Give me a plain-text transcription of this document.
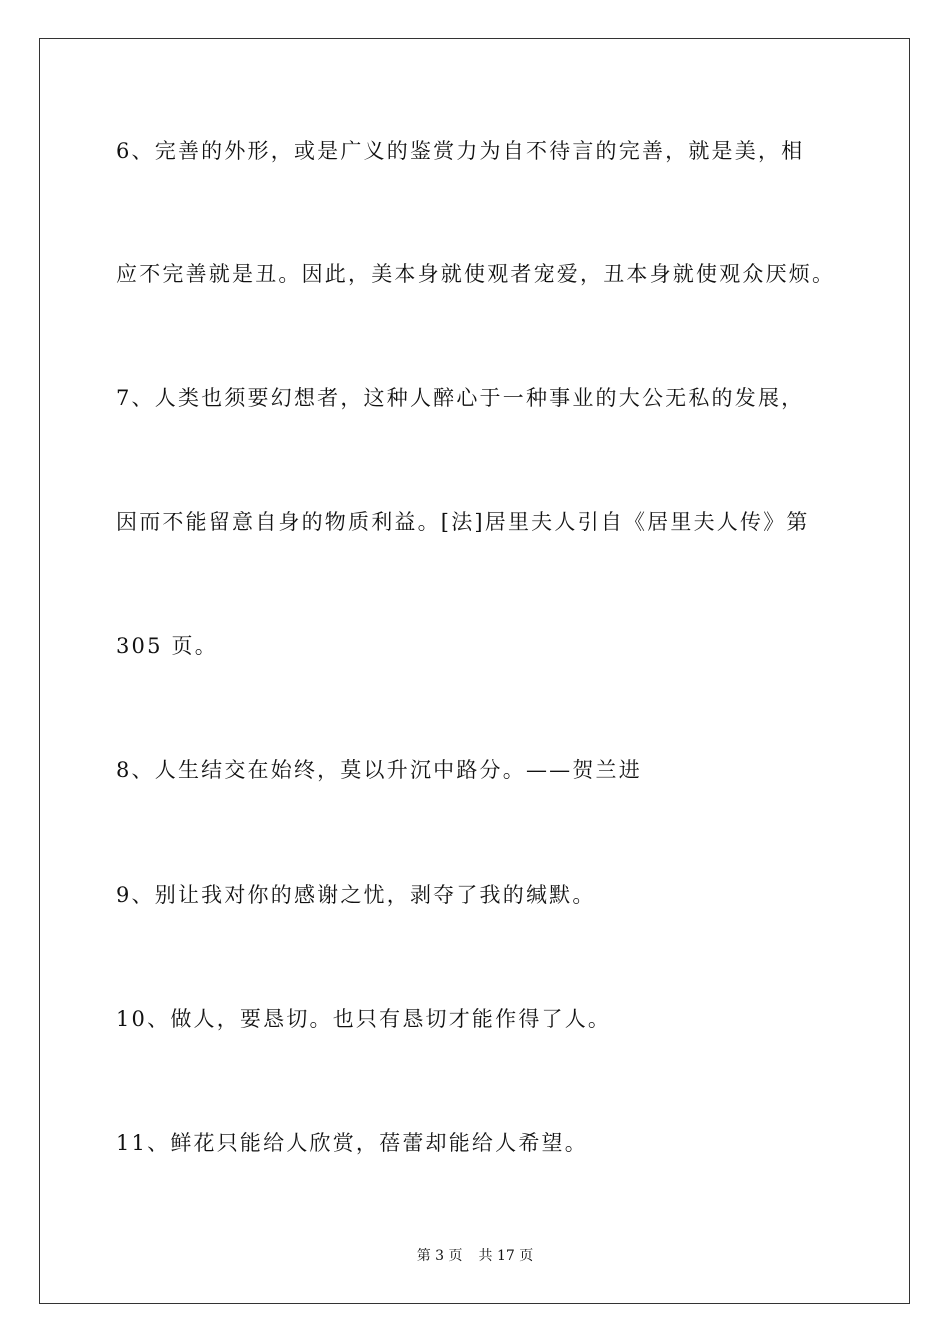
6、完善的外形，或是广义的鉴赏力为自不待言的完善，就是美，相
应不完善就是丑。因此，美本身就使观者宠爱，丑本身就使观众厌烦。
7、人类也须要幻想者，这种人醉心于一种事业的大公无私的发展，
因而不能留意自身的物质利益。[法]居里夫人引自《居里夫人传》第
305 页。
8、人生结交在始终，莫以升沉中路分。——贺兰进
9、别让我对你的感谢之忧，剥夺了我的缄默。
10、做人，要恳切。也只有恳切才能作得了人。
11、鲜花只能给人欣赏，蓓蕾却能给人希望。
第 3 页 共 17 页
